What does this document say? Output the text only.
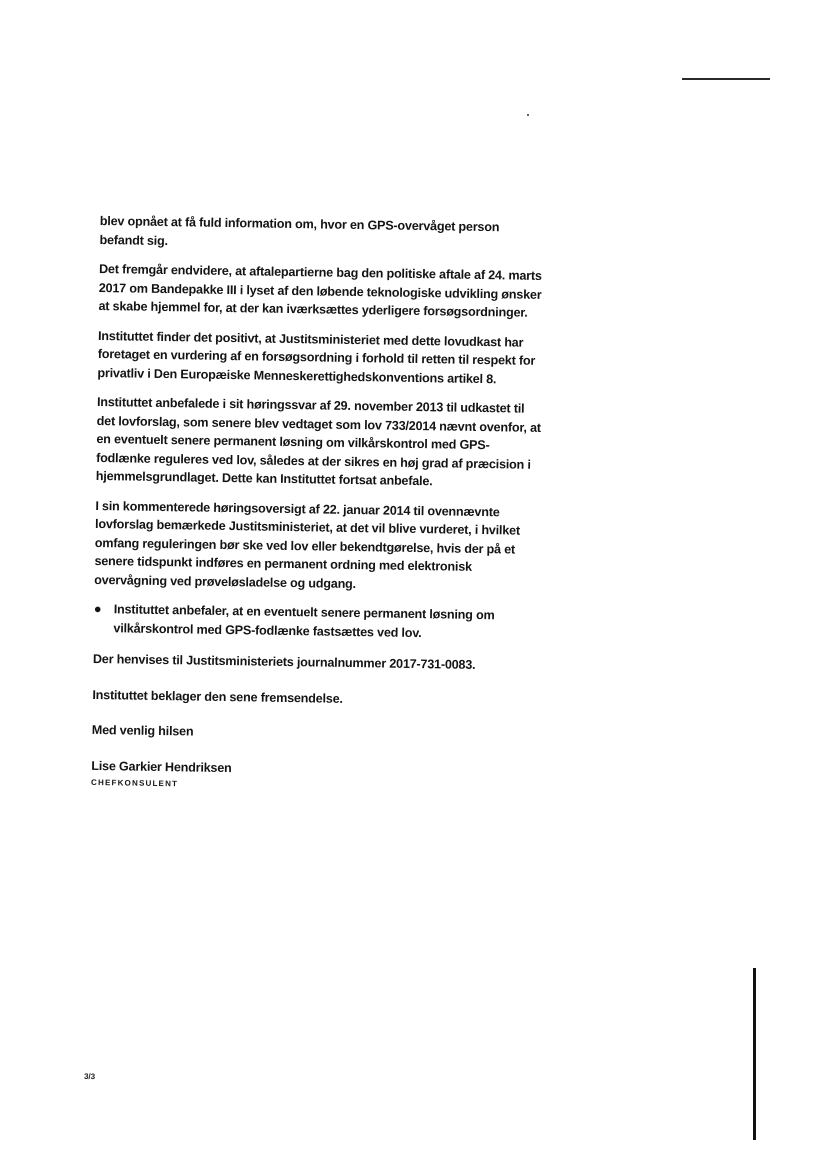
blev opnået at få fuld information om, hvor en GPS-overvåget person befandt sig.

Det fremgår endvidere, at aftalepartierne bag den politiske aftale af 24. marts 2017 om Bandepakke III i lyset af den løbende teknologiske udvikling ønsker at skabe hjemmel for, at der kan iværksættes yderligere forsøgsordninger.

Instituttet finder det positivt, at Justitsministeriet med dette lovudkast har foretaget en vurdering af en forsøgsordning i forhold til retten til respekt for privatliv i Den Europæiske Menneskerettighedskonventions artikel 8.

Instituttet anbefalede i sit høringssvar af 29. november 2013 til udkastet til det lovforslag, som senere blev vedtaget som lov 733/2014 nævnt ovenfor, at en eventuelt senere permanent løsning om vilkårskontrol med GPS-fodlænke reguleres ved lov, således at der sikres en høj grad af præcision i hjemmelsgrundlaget. Dette kan Instituttet fortsat anbefale.

I sin kommenterede høringsoversigt af 22. januar 2014 til ovennævnte lovforslag bemærkede Justitsministeriet, at det vil blive vurderet, i hvilket omfang reguleringen bør ske ved lov eller bekendtgørelse, hvis der på et senere tidspunkt indføres en permanent ordning med elektronisk overvågning ved prøveløsladelse og udgang.

● Instituttet anbefaler, at en eventuelt senere permanent løsning om vilkårskontrol med GPS-fodlænke fastsættes ved lov.

Der henvises til Justitsministeriets journalnummer 2017-731-0083.

Instituttet beklager den sene fremsendelse.

Med venlig hilsen

Lise Garkier Hendriksen

CHEFKONSULENT

3/3
